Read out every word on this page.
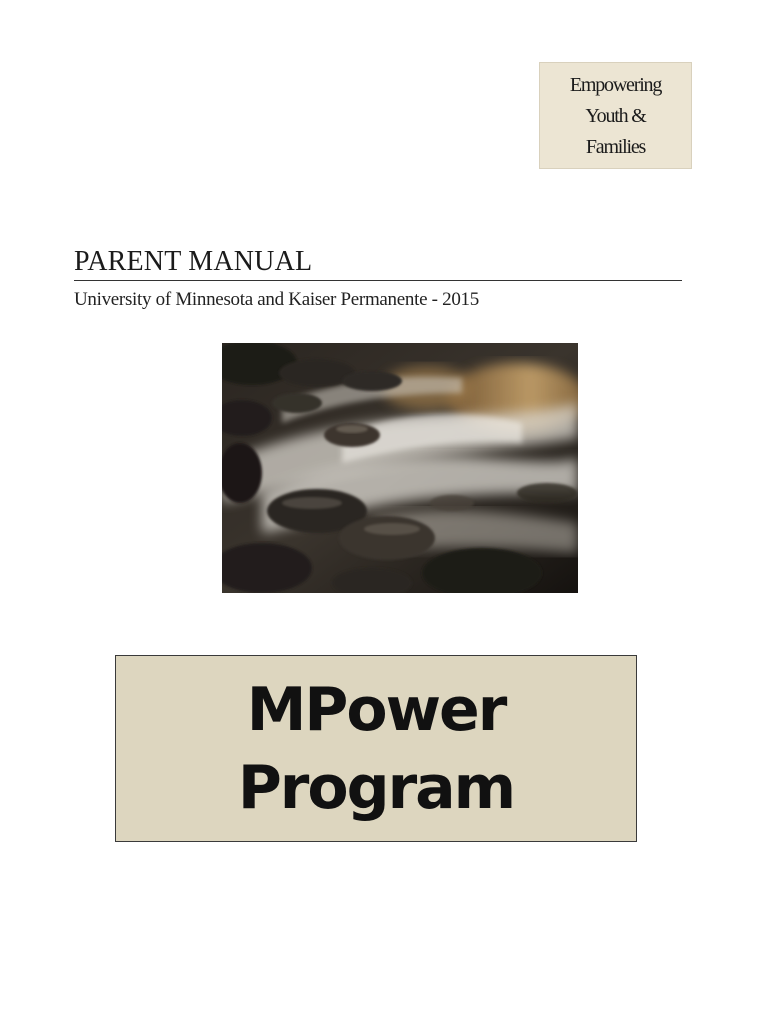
Empowering
Youth &
Families
PARENT MANUAL
University of Minnesota and Kaiser Permanente - 2015
MPower
Program
